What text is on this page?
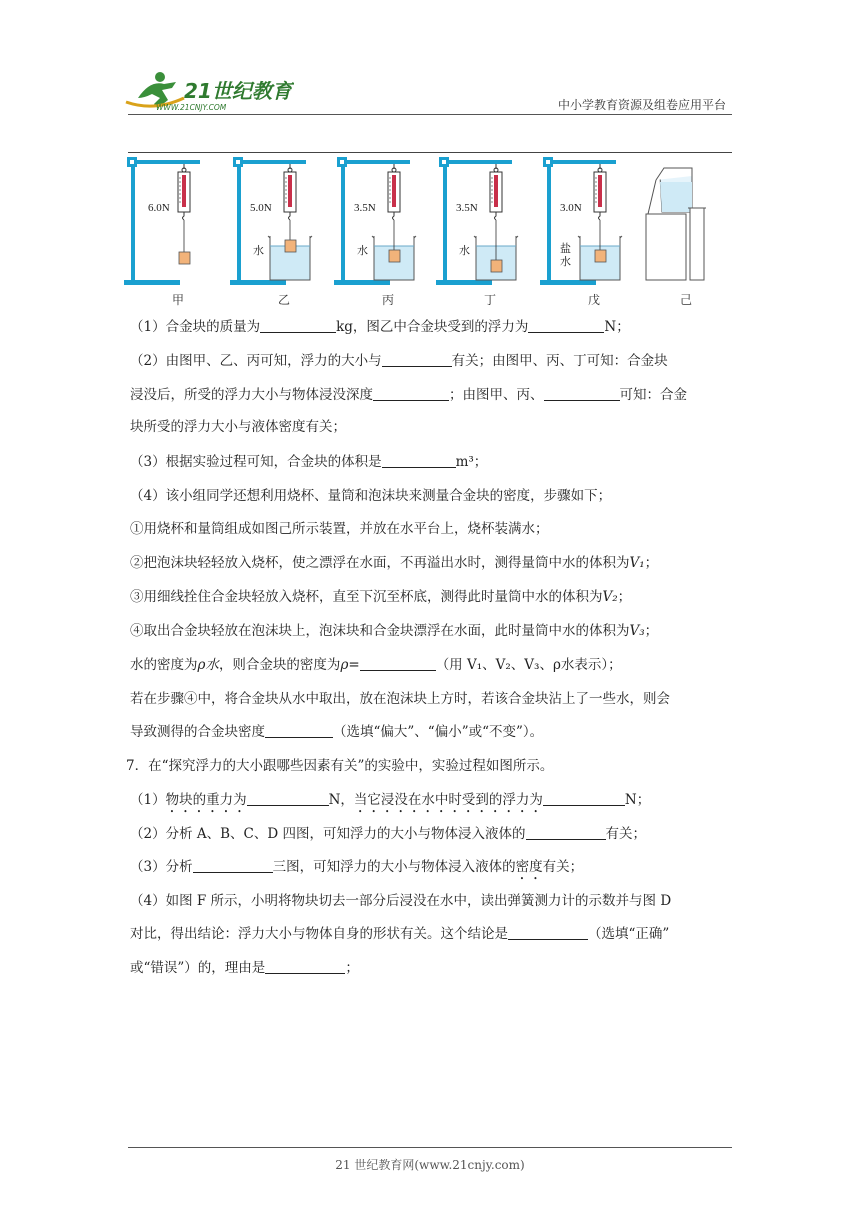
21世纪教育
WWW.21CNJY.COM	中小学教育资源及组卷应用平台
6.0N	5.0N
水
3.5N
水
3.5N
水
3.0N
盐水
甲	乙	丙	丁	戊	己
（1）合金块的质量为	kg，图乙中合金块受到的浮力为	N；
（2）由图甲、乙、丙可知，浮力的大小与	有关；由图甲、丙、丁可知：合金块
浸没后，所受的浮力大小与物体浸没深度	；由图甲、丙、	可知：合金
块所受的浮力大小与液体密度有关；
（3）根据实验过程可知，合金块的体积是	m³；
（4）该小组同学还想利用烧杯、量筒和泡沫块来测量合金块的密度，步骤如下；
①用烧杯和量筒组成如图己所示装置，并放在水平台上，烧杯装满水；
②把泡沫块轻轻放入烧杯，使之漂浮在水面，不再溢出水时，测得量筒中水的体积为V₁；
③用细线拴住合金块轻放入烧杯，直至下沉至杯底，测得此时量筒中水的体积为V₂；
④取出合金块轻放在泡沫块上，泡沫块和合金块漂浮在水面，此时量筒中水的体积为V₃；
水的密度为ρ水，则合金块的密度为ρ=	（用 V₁、V₂、V₃、ρ水表示）；
若在步骤④中，将合金块从水中取出，放在泡沫块上方时，若该合金块沾上了一些水，则会
导致测得的合金块密度	（选填“偏大”、“偏小”或“不变”）。
7．在“探究浮力的大小跟哪些因素有关”的实验中，实验过程如图所示。
（1）物块的重力为	N，当它浸没在水中时受到的浮力为	N；
（2）分析 A、B、C、D 四图，可知浮力的大小与物体浸入液体的	有关；
（3）分析	三图，可知浮力的大小与物体浸入液体的密度有关；
（4）如图 F 所示，小明将物块切去一部分后浸没在水中，读出弹簧测力计的示数并与图 D
对比，得出结论：浮力大小与物体自身的形状有关。这个结论是	（选填“正确”
或“错误”）的，理由是	；
21 世纪教育网(www.21cnjy.com)
